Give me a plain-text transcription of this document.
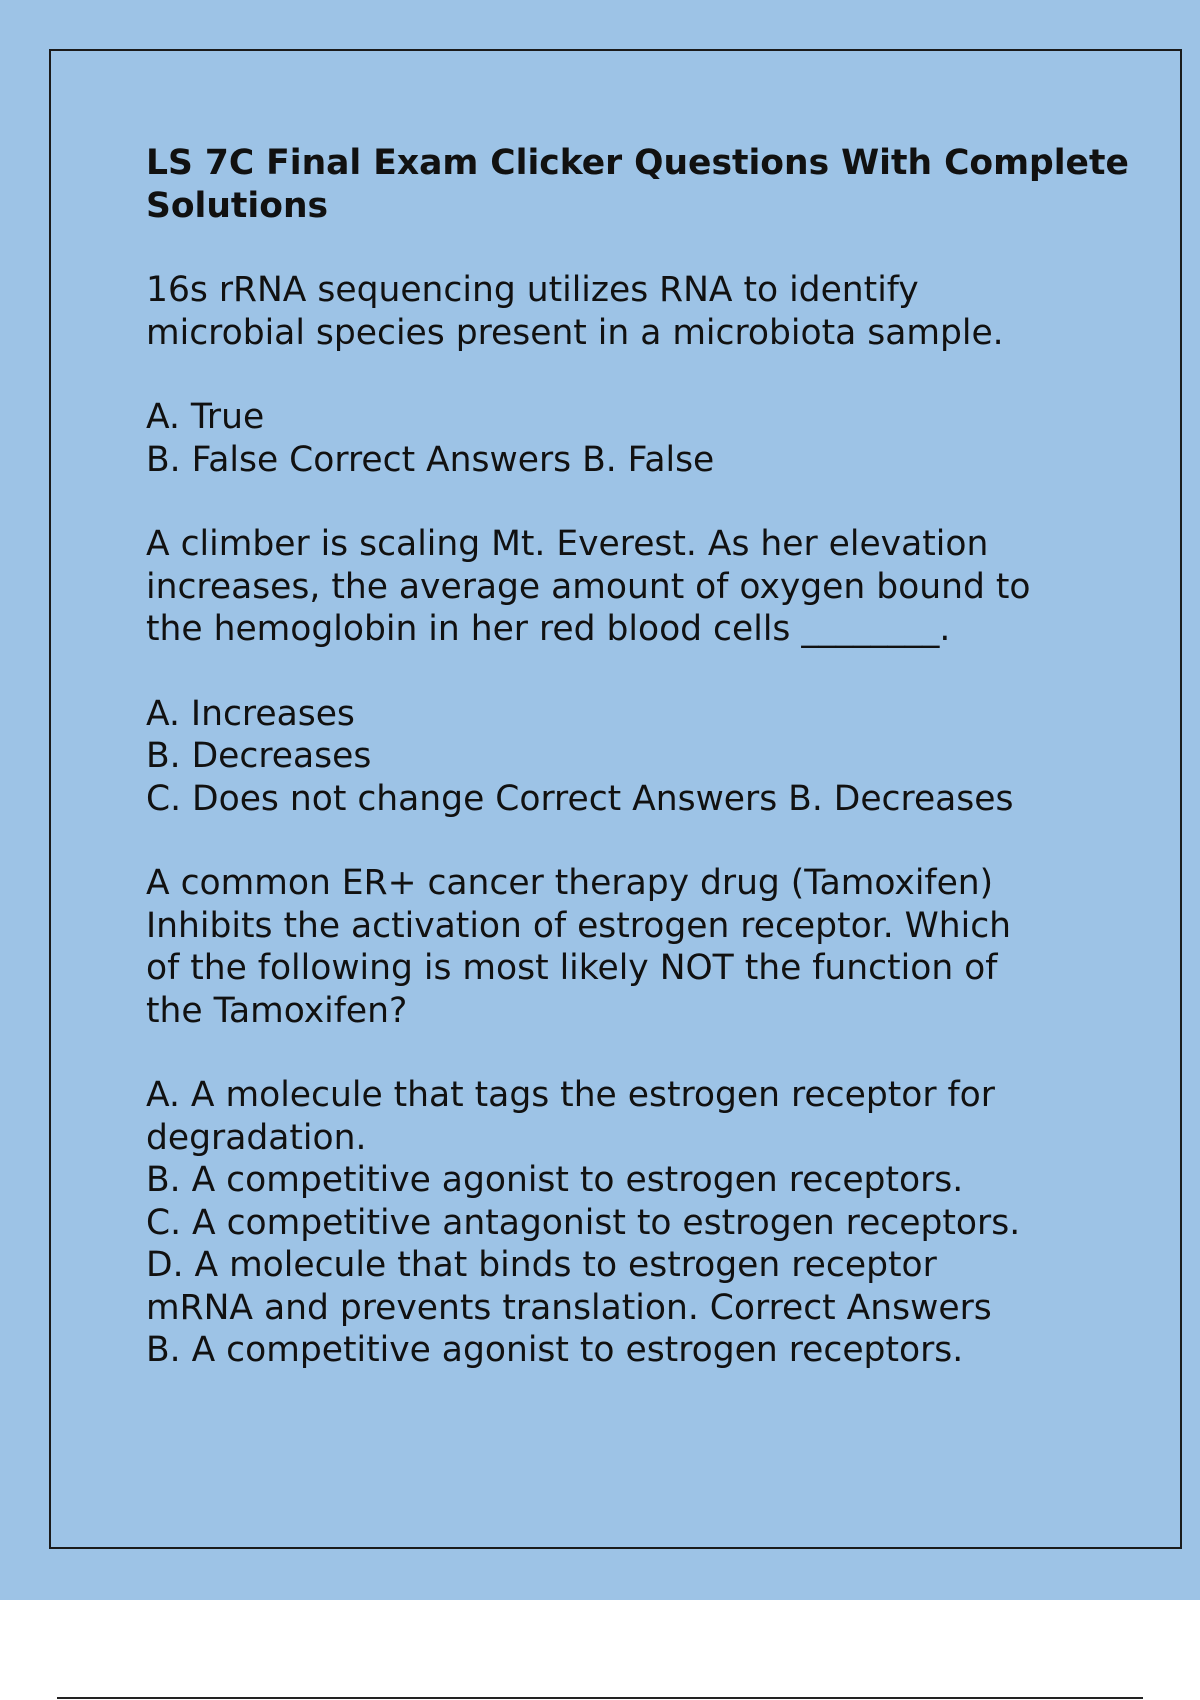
LS 7C Final Exam Clicker Questions With Complete Solutions

16s rRNA sequencing utilizes RNA to identify
microbial species present in a microbiota sample.

A. True
B. False Correct Answers B. False

A climber is scaling Mt. Everest. As her elevation
increases, the average amount of oxygen bound to
the hemoglobin in her red blood cells ________.

A. Increases
B. Decreases
C. Does not change Correct Answers B. Decreases

A common ER+ cancer therapy drug (Tamoxifen)
Inhibits the activation of estrogen receptor. Which
of the following is most likely NOT the function of
the Tamoxifen?

A. A molecule that tags the estrogen receptor for
degradation.
B. A competitive agonist to estrogen receptors.
C. A competitive antagonist to estrogen receptors.
D. A molecule that binds to estrogen receptor
mRNA and prevents translation. Correct Answers
B. A competitive agonist to estrogen receptors.
